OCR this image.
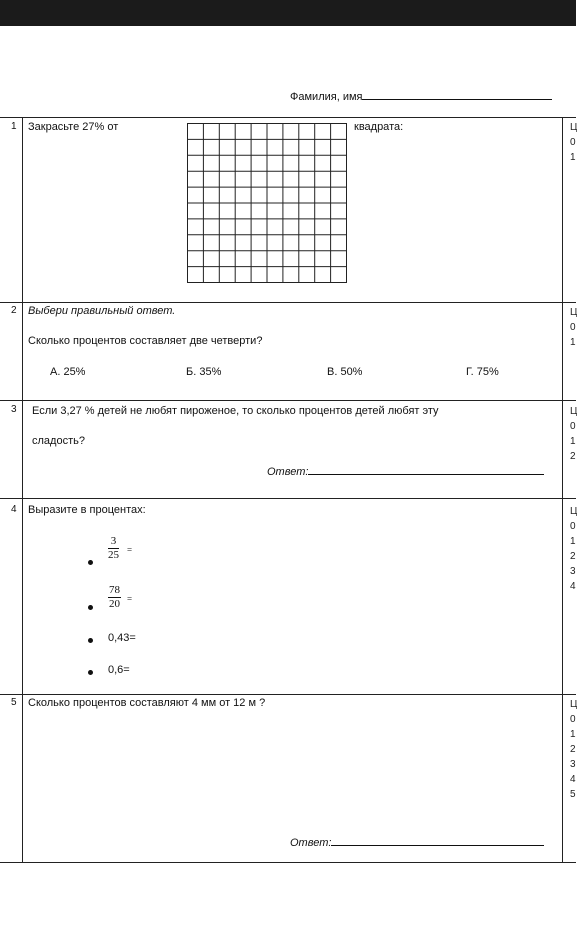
Фамилия, имя
1 Закрасьте 27% от	квадрата:	Ц
0
1
2 Выбери правильный ответ.
Сколько процентов составляет две четверти?
А. 25%	Б. 35%	В. 50%	Г. 75%
Ц
0
1
3 Если 3,27 % детей не любят пироженое, то сколько процентов детей любят эту
сладость?
Ответ:
Ц
0
1
2
4 Выразите в процентах:
$\frac{3}{25}$ =
$\frac{78}{20}$ =
0,43=
0,6=
Ц
0
1
2
3
4
5 Сколько процентов составляют 4 мм от 12 м ?
Ответ:
Ц
0
1
2
3
4
5
